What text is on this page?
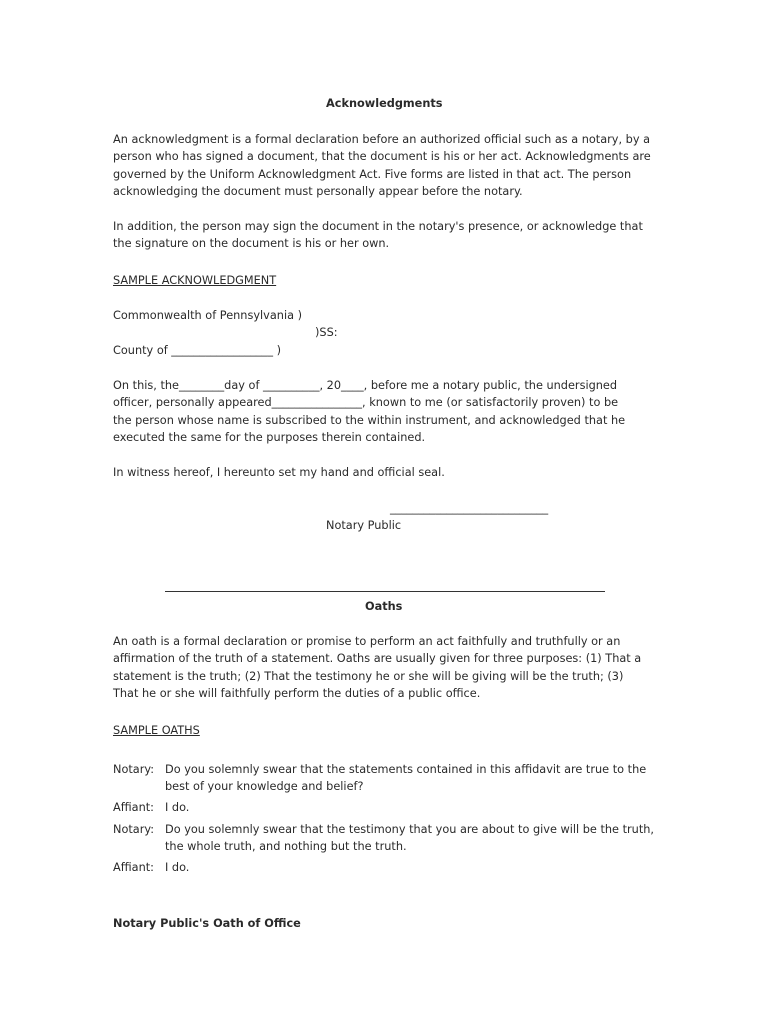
Acknowledgments

An acknowledgment is a formal declaration before an authorized official such as a notary, by a

person who has signed a document, that the document is his or her act. Acknowledgments are

governed by the Uniform Acknowledgment Act. Five forms are listed in that act. The person

acknowledging the document must personally appear before the notary.

In addition, the person may sign the document in the notary's presence, or acknowledge that

the signature on the document is his or her own.

SAMPLE ACKNOWLEDGMENT
Commonwealth of Pennsylvania )
)SS:
County of __________________ )

On this, the________day of __________, 20____, before me a notary public, the undersigned

officer, personally appeared________________, known to me (or satisfactorily proven) to be

the person whose name is subscribed to the within instrument, and acknowledged that he

executed the same for the purposes therein contained.

In witness hereof, I hereunto set my hand and official seal.
____________________________
Notary Public
Oaths

An oath is a formal declaration or promise to perform an act faithfully and truthfully or an

affirmation of the truth of a statement. Oaths are usually given for three purposes: (1) That a

statement is the truth; (2) That the testimony he or she will be giving will be the truth; (3)

That he or she will faithfully perform the duties of a public office.

SAMPLE OATHS
Notary: Do you solemnly swear that the statements contained in this affidavit are true to the
best of your knowledge and belief?
Affiant: I do.
Notary: Do you solemnly swear that the testimony that you are about to give will be the truth,
the whole truth, and nothing but the truth.
Affiant: I do.
Notary Public's Oath of Office
